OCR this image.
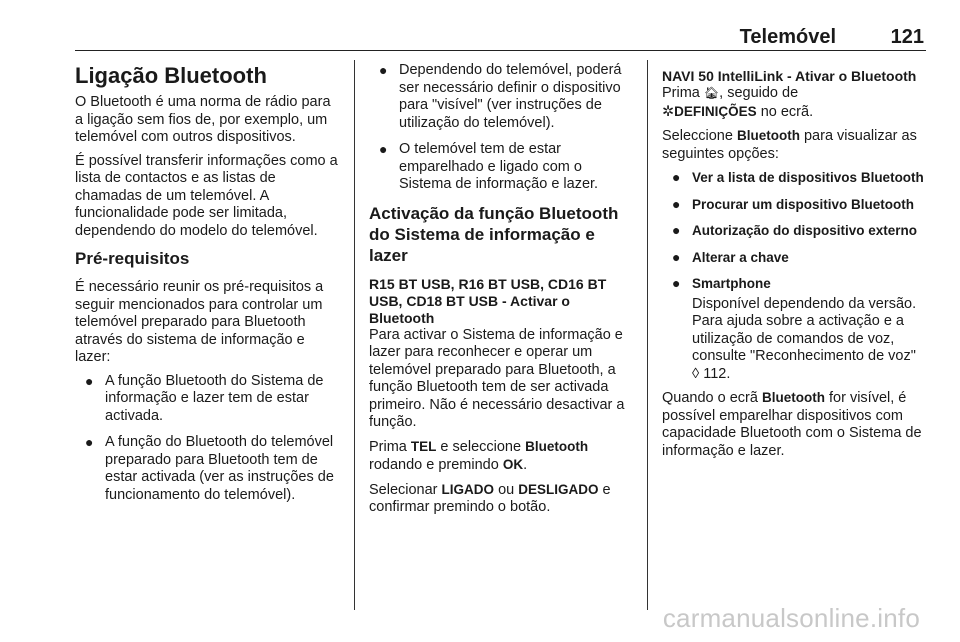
Telemóvel	121
Ligação Bluetooth

O Bluetooth é uma norma de rádio para a ligação sem fios de, por exemplo, um telemóvel com outros dispositivos.

É possível transferir informações como a lista de contactos e as listas de chamadas de um telemóvel. A funcionalidade pode ser limitada, dependendo do modelo do telemóvel.

Pré-requisitos

É necessário reunir os pré-requisitos a seguir mencionados para controlar um telemóvel preparado para Bluetooth através do sistema de informação e lazer:

● A função Bluetooth do Sistema de informação e lazer tem de estar activada.
● A função do Bluetooth do telemóvel preparado para Bluetooth tem de estar activada (ver as instruções de funcionamento do telemóvel).
● Dependendo do telemóvel, poderá ser necessário definir o dispositivo para "visível" (ver instruções de utilização do telemóvel).
● O telemóvel tem de estar emparelhado e ligado com o Sistema de informação e lazer.
Activação da função Bluetooth do Sistema de informação e lazer
R15 BT USB, R16 BT USB, CD16 BT USB, CD18 BT USB - Activar o Bluetooth

Para activar o Sistema de informação e lazer para reconhecer e operar um telemóvel preparado para Bluetooth, a função Bluetooth tem de ser activada primeiro. Não é necessário desactivar a função.

Prima TEL e seleccione Bluetooth rodando e premindo OK.

Selecionar LIGADO ou DESLIGADO e confirmar premindo o botão.

NAVI 50 IntelliLink - Ativar o Bluetooth

Prima 🏠︎, seguido de
✲DEFINIÇÕES no ecrã.

Seleccione Bluetooth para visualizar as seguintes opções:

● Ver a lista de dispositivos Bluetooth
● Procurar um dispositivo Bluetooth
● Autorização do dispositivo externo
● Alterar a chave
● Smartphone
Disponível dependendo da versão. Para ajuda sobre a activação e a utilização de comandos de voz, consulte "Reconhecimento de voz" ◊ 112.

Quando o ecrã Bluetooth for visível, é possível emparelhar dispositivos com capacidade Bluetooth com o Sistema de informação e lazer.

carmanualsonline.info
